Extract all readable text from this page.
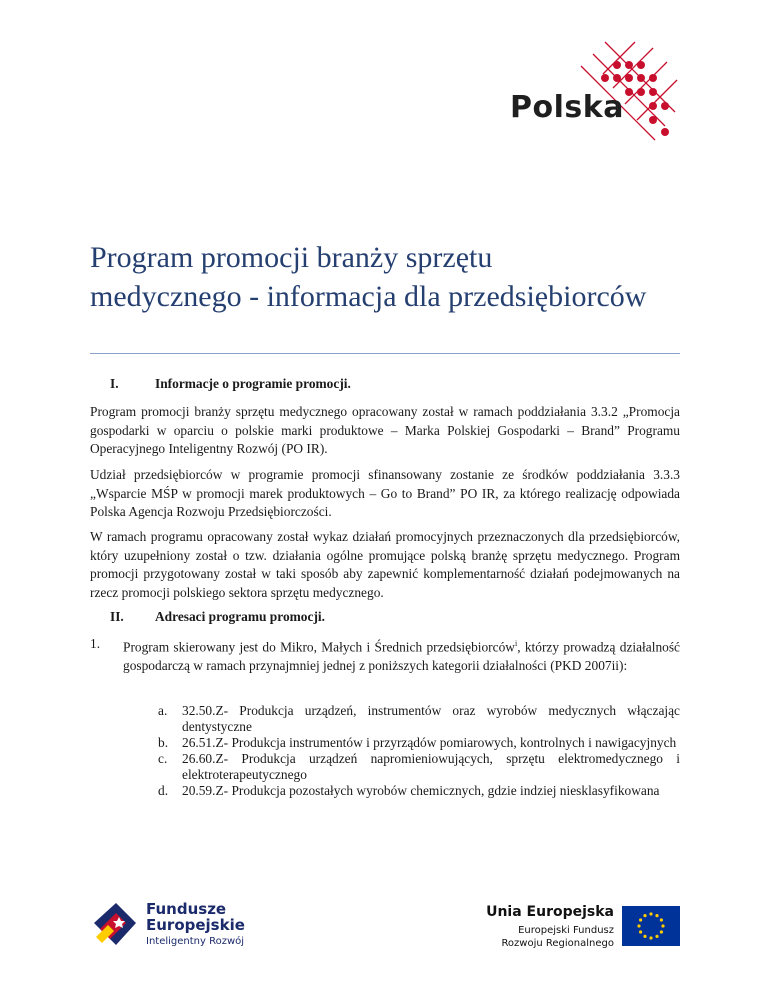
Polska
Program promocji branży sprzętu medycznego - informacja dla przedsiębiorców
I.	Informacje o programie promocji.
Program promocji branży sprzętu medycznego opracowany został w ramach poddziałania 3.3.2 „Promocja gospodarki w oparciu o polskie marki produktowe – Marka Polskiej Gospodarki – Brand” Programu Operacyjnego Inteligentny Rozwój (PO IR).
Udział przedsiębiorców w programie promocji sfinansowany zostanie ze środków poddziałania 3.3.3 „Wsparcie MŚP w promocji marek produktowych – Go to Brand” PO IR, za którego realizację odpowiada Polska Agencja Rozwoju Przedsiębiorczości.
W ramach programu opracowany został wykaz działań promocyjnych przeznaczonych dla przedsiębiorców, który uzupełniony został o tzw. działania ogólne promujące polską branżę sprzętu medycznego. Program promocji przygotowany został w taki sposób aby zapewnić komplementarność działań podejmowanych na rzecz promocji polskiego sektora sprzętu medycznego.
II. Adresaci programu promocji.
1. Program skierowany jest do Mikro, Małych i Średnich przedsiębiorców$^i$, którzy prowadzą działalność gospodarczą w ramach przynajmniej jednej z poniższych kategorii działalności (PKD 2007ii):
a. 32.50.Z- Produkcja urządzeń, instrumentów oraz wyrobów medycznych włączając dentystyczne
b. 26.51.Z- Produkcja instrumentów i przyrządów pomiarowych, kontrolnych i nawigacyjnych
c. 26.60.Z- Produkcja urządzeń napromieniowujących, sprzętu elektromedycznego i elektroterapeutycznego
d. 20.59.Z- Produkcja pozostałych wyrobów chemicznych, gdzie indziej niesklasyfikowana
Fundusze
Europejskie
Inteligentny Rozwój
Unia Europejska
Europejski Fundusz
Rozwoju Regionalnego
